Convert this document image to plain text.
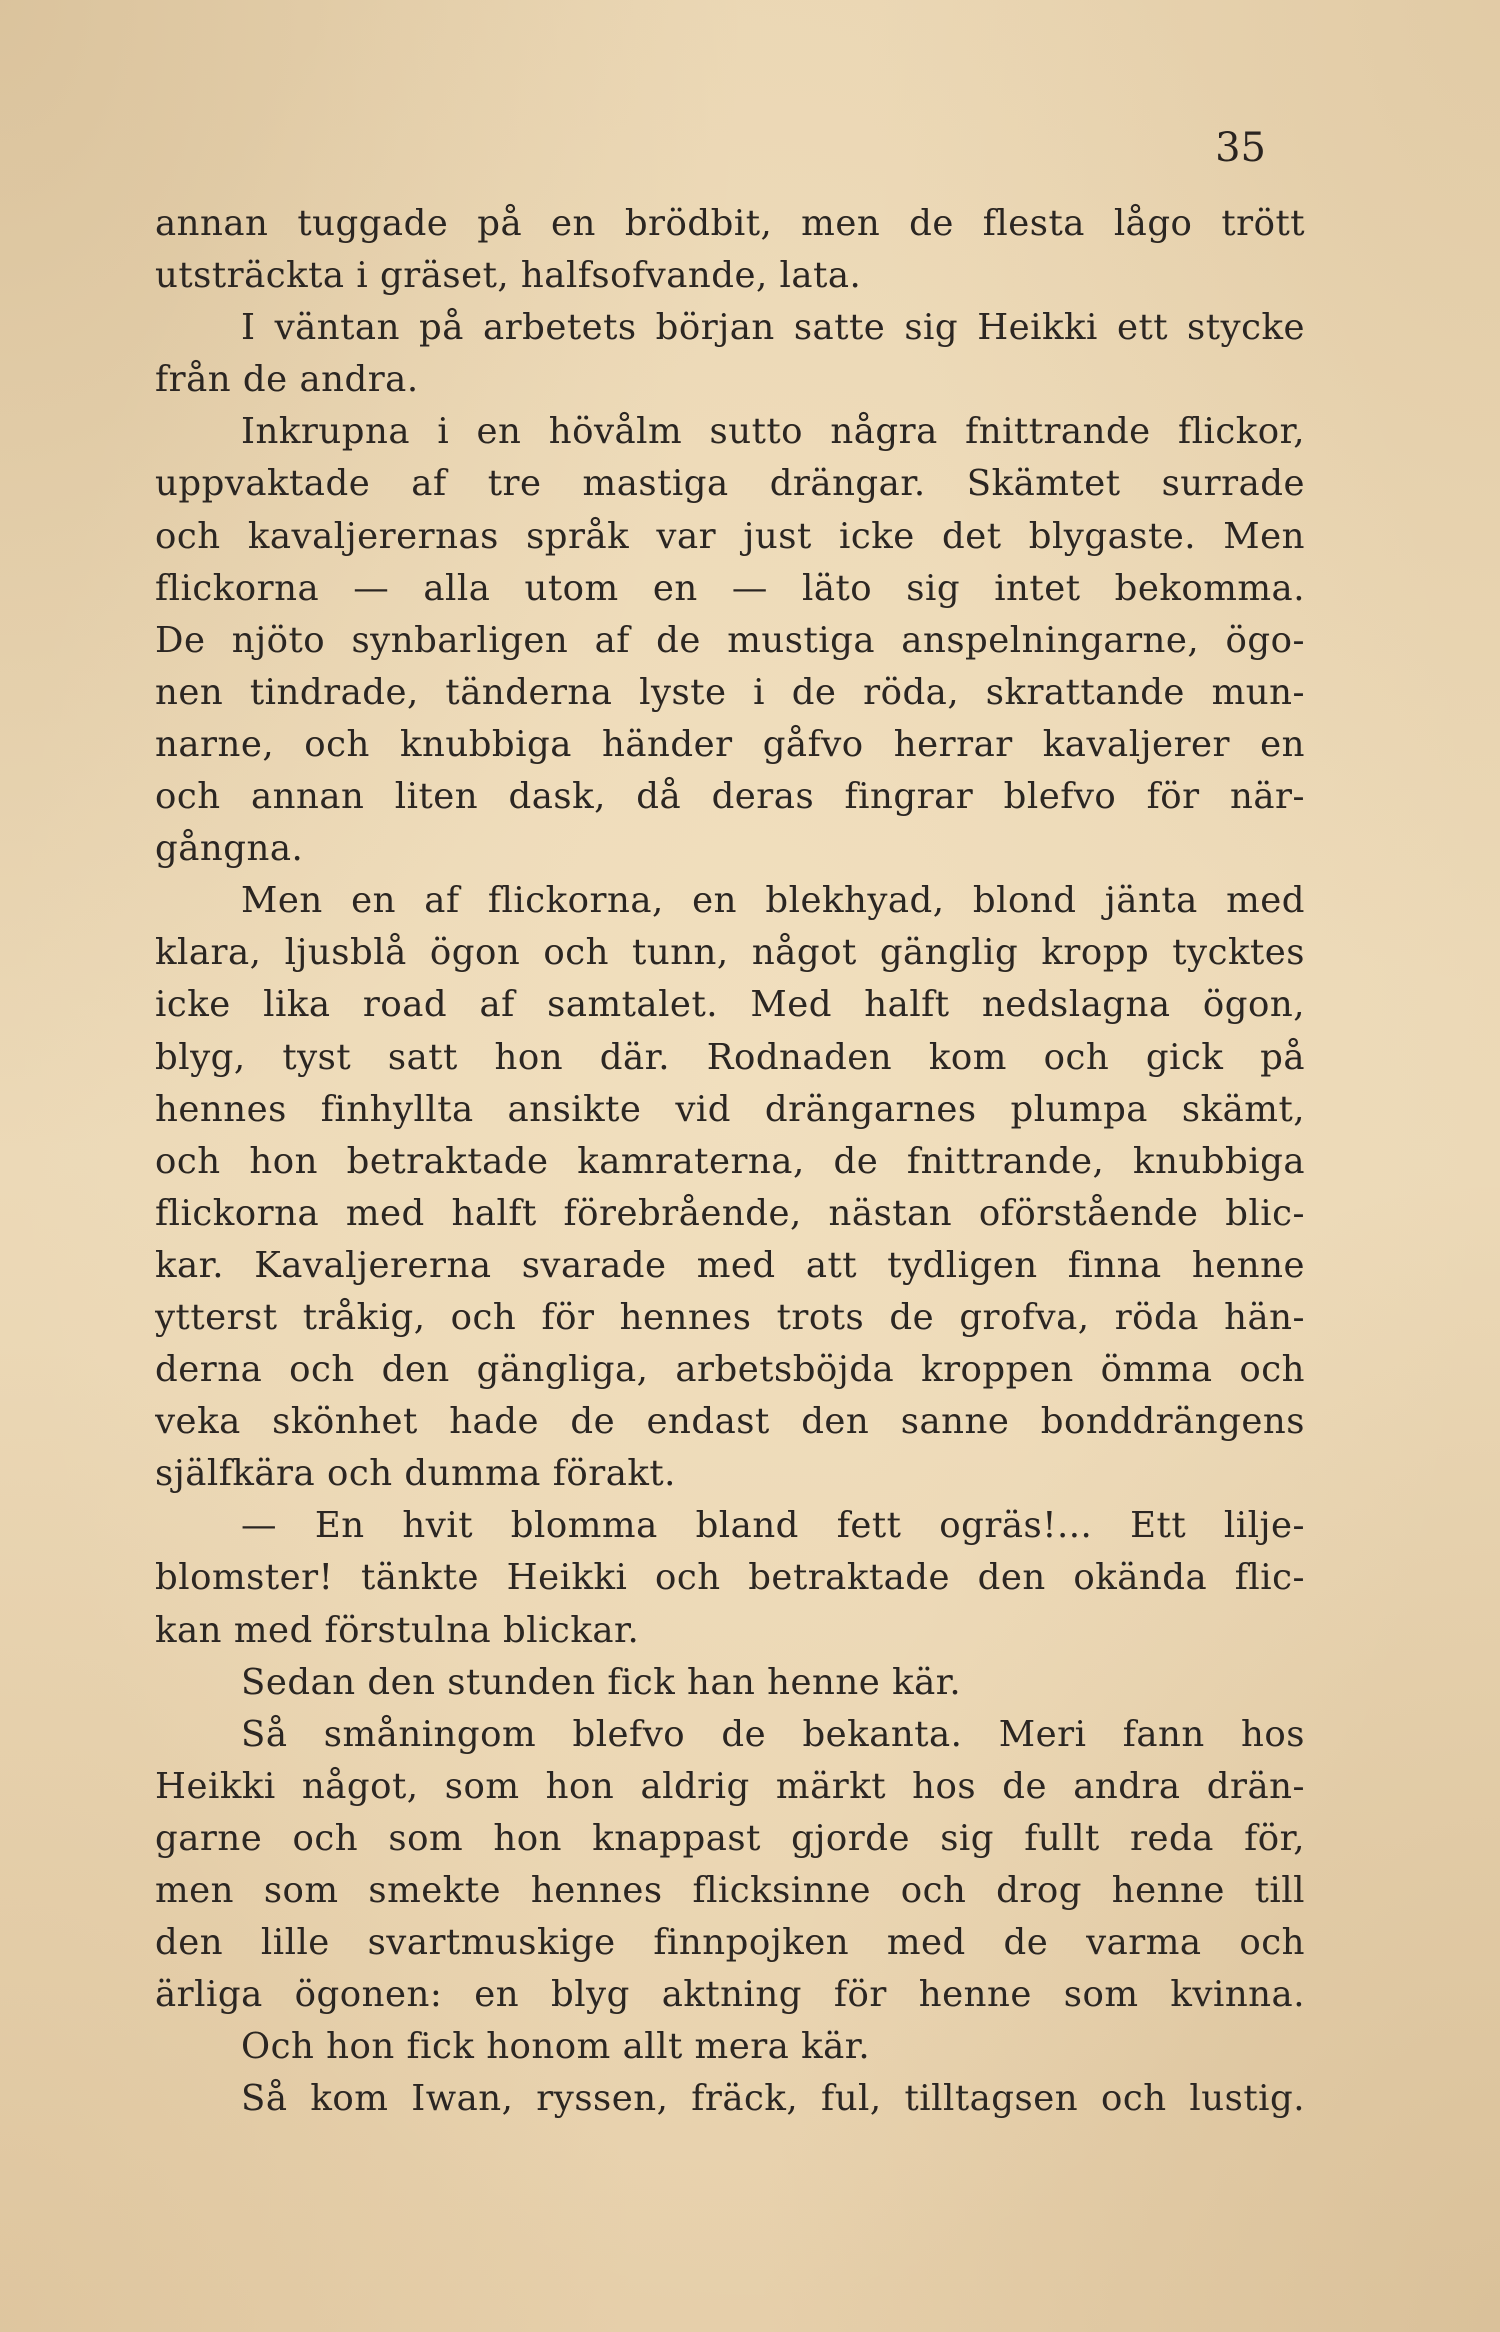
35
annan tuggade på en brödbit, men de flesta lågo trött
utsträckta i gräset, halfsofvande, lata.
I väntan på arbetets början satte sig Heikki ett stycke
från de andra.
Inkrupna i en hövålm sutto några fnittrande flickor,
uppvaktade af tre mastiga drängar. Skämtet surrade
och kavaljerernas språk var just icke det blygaste. Men
flickorna — alla utom en — läto sig intet bekomma.
De njöto synbarligen af de mustiga anspelningarne, ögo-
nen tindrade, tänderna lyste i de röda, skrattande mun-
narne, och knubbiga händer gåfvo herrar kavaljerer en
och annan liten dask, då deras fingrar blefvo för när-
gångna.
Men en af flickorna, en blekhyad, blond jänta med
klara, ljusblå ögon och tunn, något gänglig kropp tycktes
icke lika road af samtalet. Med halft nedslagna ögon,
blyg, tyst satt hon där. Rodnaden kom och gick på
hennes finhyllta ansikte vid drängarnes plumpa skämt,
och hon betraktade kamraterna, de fnittrande, knubbiga
flickorna med halft förebrående, nästan oförstående blic-
kar. Kavaljererna svarade med att tydligen finna henne
ytterst tråkig, och för hennes trots de grofva, röda hän-
derna och den gängliga, arbetsböjda kroppen ömma och
veka skönhet hade de endast den sanne bonddrängens
själfkära och dumma förakt.
— En hvit blomma bland fett ogräs!... Ett lilje-
blomster! tänkte Heikki och betraktade den okända flic-
kan med förstulna blickar.
Sedan den stunden fick han henne kär.
Så småningom blefvo de bekanta. Meri fann hos
Heikki något, som hon aldrig märkt hos de andra drän-
garne och som hon knappast gjorde sig fullt reda för,
men som smekte hennes flicksinne och drog henne till
den lille svartmuskige finnpojken med de varma och
ärliga ögonen: en blyg aktning för henne som kvinna.
Och hon fick honom allt mera kär.
Så kom Iwan, ryssen, fräck, ful, tilltagsen och lustig.
